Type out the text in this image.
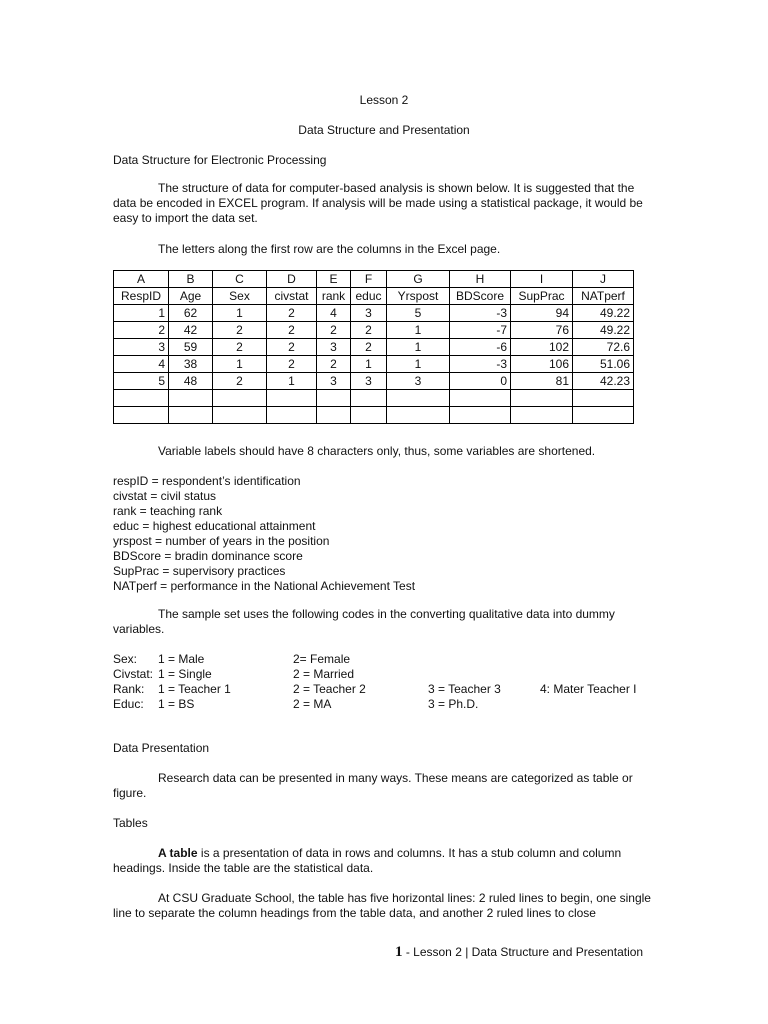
Lesson 2
Data Structure and Presentation
Data Structure for Electronic Processing

The structure of data for computer-based analysis is shown below. It is suggested that the data be encoded in EXCEL program. If analysis will be made using a statistical package, it would be easy to import the data set.

The letters along the first row are the columns in the Excel page.

A	B	C	D	E	F	G	H	I	J
RespID	Age	Sex	civstat	rank	educ	Yrspost	BDScore	SupPrac	NATperf
1	62	1	2	4	3	5	-3	94	49.22
2	42	2	2	2	2	1	-7	76	49.22
3	59	2	2	3	2	1	-6	102	72.6
4	38	1	2	2	1	1	-3	106	51.06
5	48	2	1	3	3	3	0	81	42.23

Variable labels should have 8 characters only, thus, some variables are shortened.

respID = respondent’s identification
civstat = civil status
rank = teaching rank
educ = highest educational attainment
yrspost = number of years in the position
BDScore = bradin dominance score
SupPrac = supervisory practices
NATperf = performance in the National Achievement Test

The sample set uses the following codes in the converting qualitative data into dummy variables.

Sex: 1 = Male	2= Female
Civstat: 1 = Single	2 = Married
Rank: 1 = Teacher 1	2 = Teacher 2	3 = Teacher 3	4: Mater Teacher I
Educ: 1 = BS	2 = MA	3 = Ph.D.
Data Presentation

Research data can be presented in many ways. These means are categorized as table or figure.

Tables

A table is a presentation of data in rows and columns. It has a stub column and column headings. Inside the table are the statistical data.

At CSU Graduate School, the table has five horizontal lines: 2 ruled lines to begin, one single line to separate the column headings from the table data, and another 2 ruled lines to close

1 - Lesson 2 | Data Structure and Presentation
